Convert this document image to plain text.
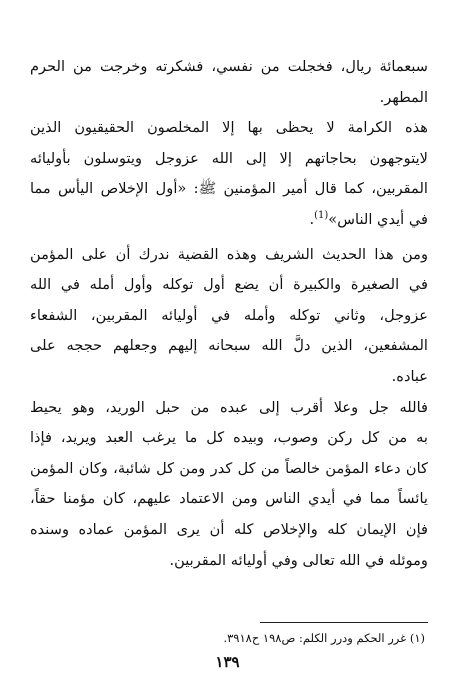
سبعمائة ريال، فخجلت من نفسي، فشكرته وخرجت من الحرم
المطهر.
هذه الكرامة لا يحظى بها إلا المخلصون الحقيقيون الذين
لايتوجهون بحاجاتهم إلا إلى الله عزوجل ويتوسلون بأوليائه
المقربين، كما قال أمير المؤمنين ﷺ: «أول الإخلاص اليأس مما
في أيدي الناس»$^{(1)}$.
ومن هذا الحديث الشريف وهذه القضية ندرك أن على المؤمن
في الصغيرة والكبيرة أن يضع أول توكله وأول أمله في الله
عزوجل، وثاني توكله وأمله في أوليائه المقربين، الشفعاء
المشفعين، الذين دلَّ الله سبحانه إليهم وجعلهم حججه على
عباده.
فالله جل وعلا أقرب إلى عبده من حبل الوريد، وهو يحيط
به من كل ركن وصوب، وبيده كل ما يرغب العبد ويريد، فإذا
كان دعاء المؤمن خالصاً من كل كدر ومن كل شائبة، وكان المؤمن
يائساً مما في أيدي الناس ومن الاعتماد عليهم، كان مؤمنا حقاً،
فإن الإيمان كله والإخلاص كله أن يرى المؤمن عماده وسنده
وموئله في الله تعالى وفي أوليائه المقربين.
(١) غرر الحكم ودرر الكلم: ص١٩٨ ح٣٩١٨.
١٣٩
